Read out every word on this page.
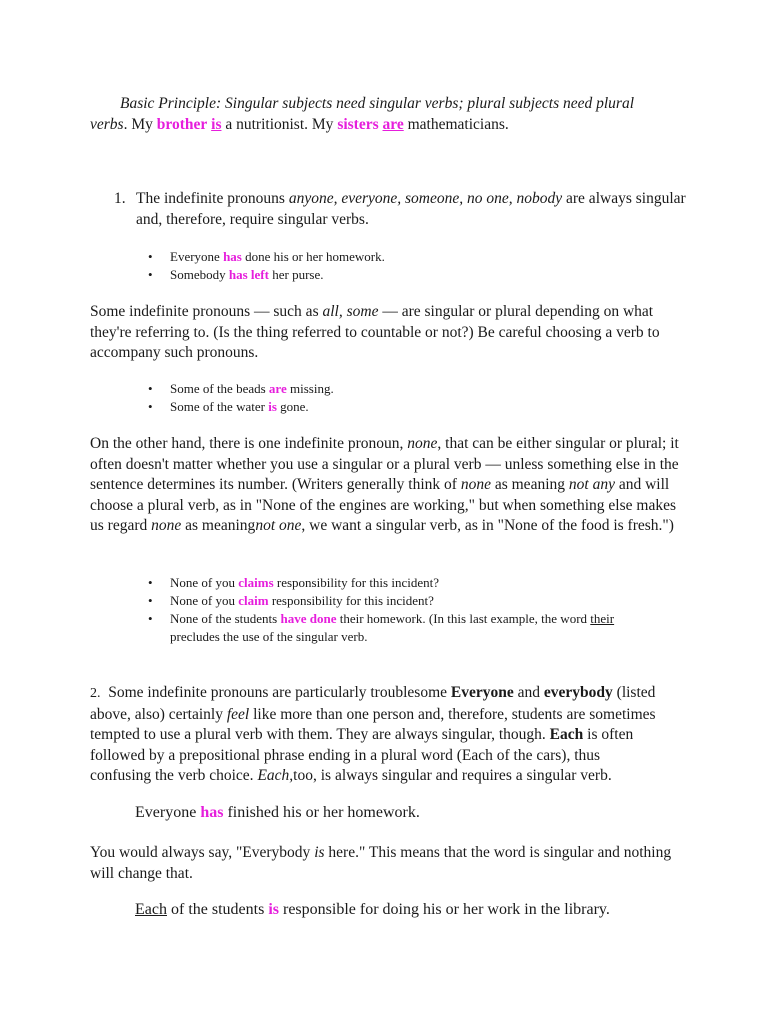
Basic Principle: Singular subjects need singular verbs; plural subjects need plural verbs. My brother is a nutritionist. My sisters are mathematicians.

1. The indefinite pronouns anyone, everyone, someone, no one, nobody are always singular and, therefore, require singular verbs.

• Everyone has done his or her homework.
• Somebody has left her purse.

Some indefinite pronouns — such as all, some — are singular or plural depending on what they're referring to. (Is the thing referred to countable or not?) Be careful choosing a verb to accompany such pronouns.

• Some of the beads are missing.
• Some of the water is gone.

On the other hand, there is one indefinite pronoun, none, that can be either singular or plural; it often doesn't matter whether you use a singular or a plural verb — unless something else in the sentence determines its number. (Writers generally think of none as meaning not any and will choose a plural verb, as in "None of the engines are working," but when something else makes us regard none as meaningnot one, we want a singular verb, as in "None of the food is fresh.")

• None of you claims responsibility for this incident?
• None of you claim responsibility for this incident?
• None of the students have done their homework. (In this last example, the word their precludes the use of the singular verb.

2. Some indefinite pronouns are particularly troublesome Everyone and everybody (listed above, also) certainly feel like more than one person and, therefore, students are sometimes tempted to use a plural verb with them. They are always singular, though. Each is often followed by a prepositional phrase ending in a plural word (Each of the cars), thus confusing the verb choice. Each,too, is always singular and requires a singular verb.

Everyone has finished his or her homework.

You would always say, "Everybody is here." This means that the word is singular and nothing will change that.

Each of the students is responsible for doing his or her work in the library.
